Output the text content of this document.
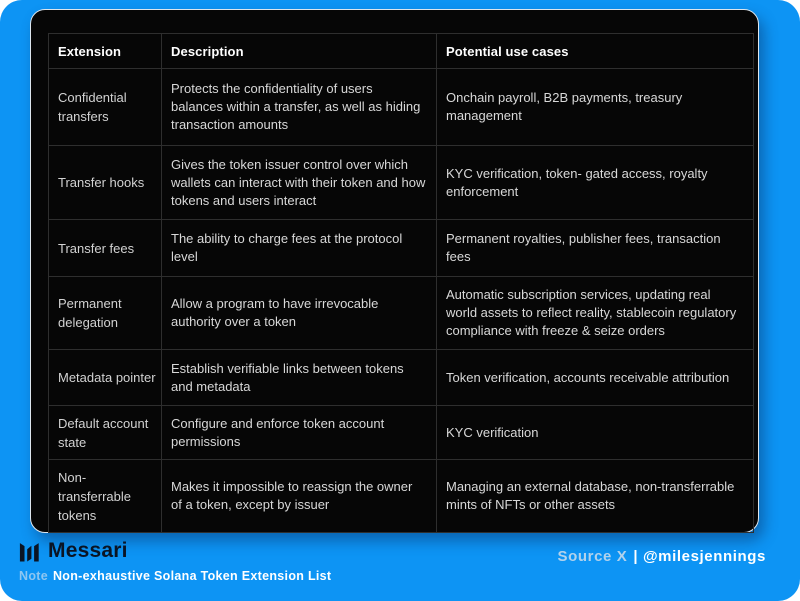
Extension	Description	Potential use cases
Confidential transfers	Protects the confidentiality of users balances within a transfer, as well as hiding transaction amounts	Onchain payroll, B2B payments, treasury management
Transfer hooks	Gives the token issuer control over which wallets can interact with their token and how tokens and users interact	KYC verification, token- gated access, royalty enforcement
Transfer fees	The ability to charge fees at the protocol level	Permanent royalties, publisher fees, transaction fees
Permanent delegation	Allow a program to have irrevocable authority over a token	Automatic subscription services, updating real world assets to reflect reality, stablecoin regulatory compliance with freeze & seize orders
Metadata pointer	Establish verifiable links between tokens and metadata	Token verification, accounts receivable attribution
Default account state	Configure and enforce token account permissions	KYC verification
Non-transferrable tokens	Makes it impossible to reassign the owner of a token, except by issuer	Managing an external database, non-transferrable mints of NFTs or other assets
Messari
Note Non-exhaustive Solana Token Extension List
Source X | @milesjennings
